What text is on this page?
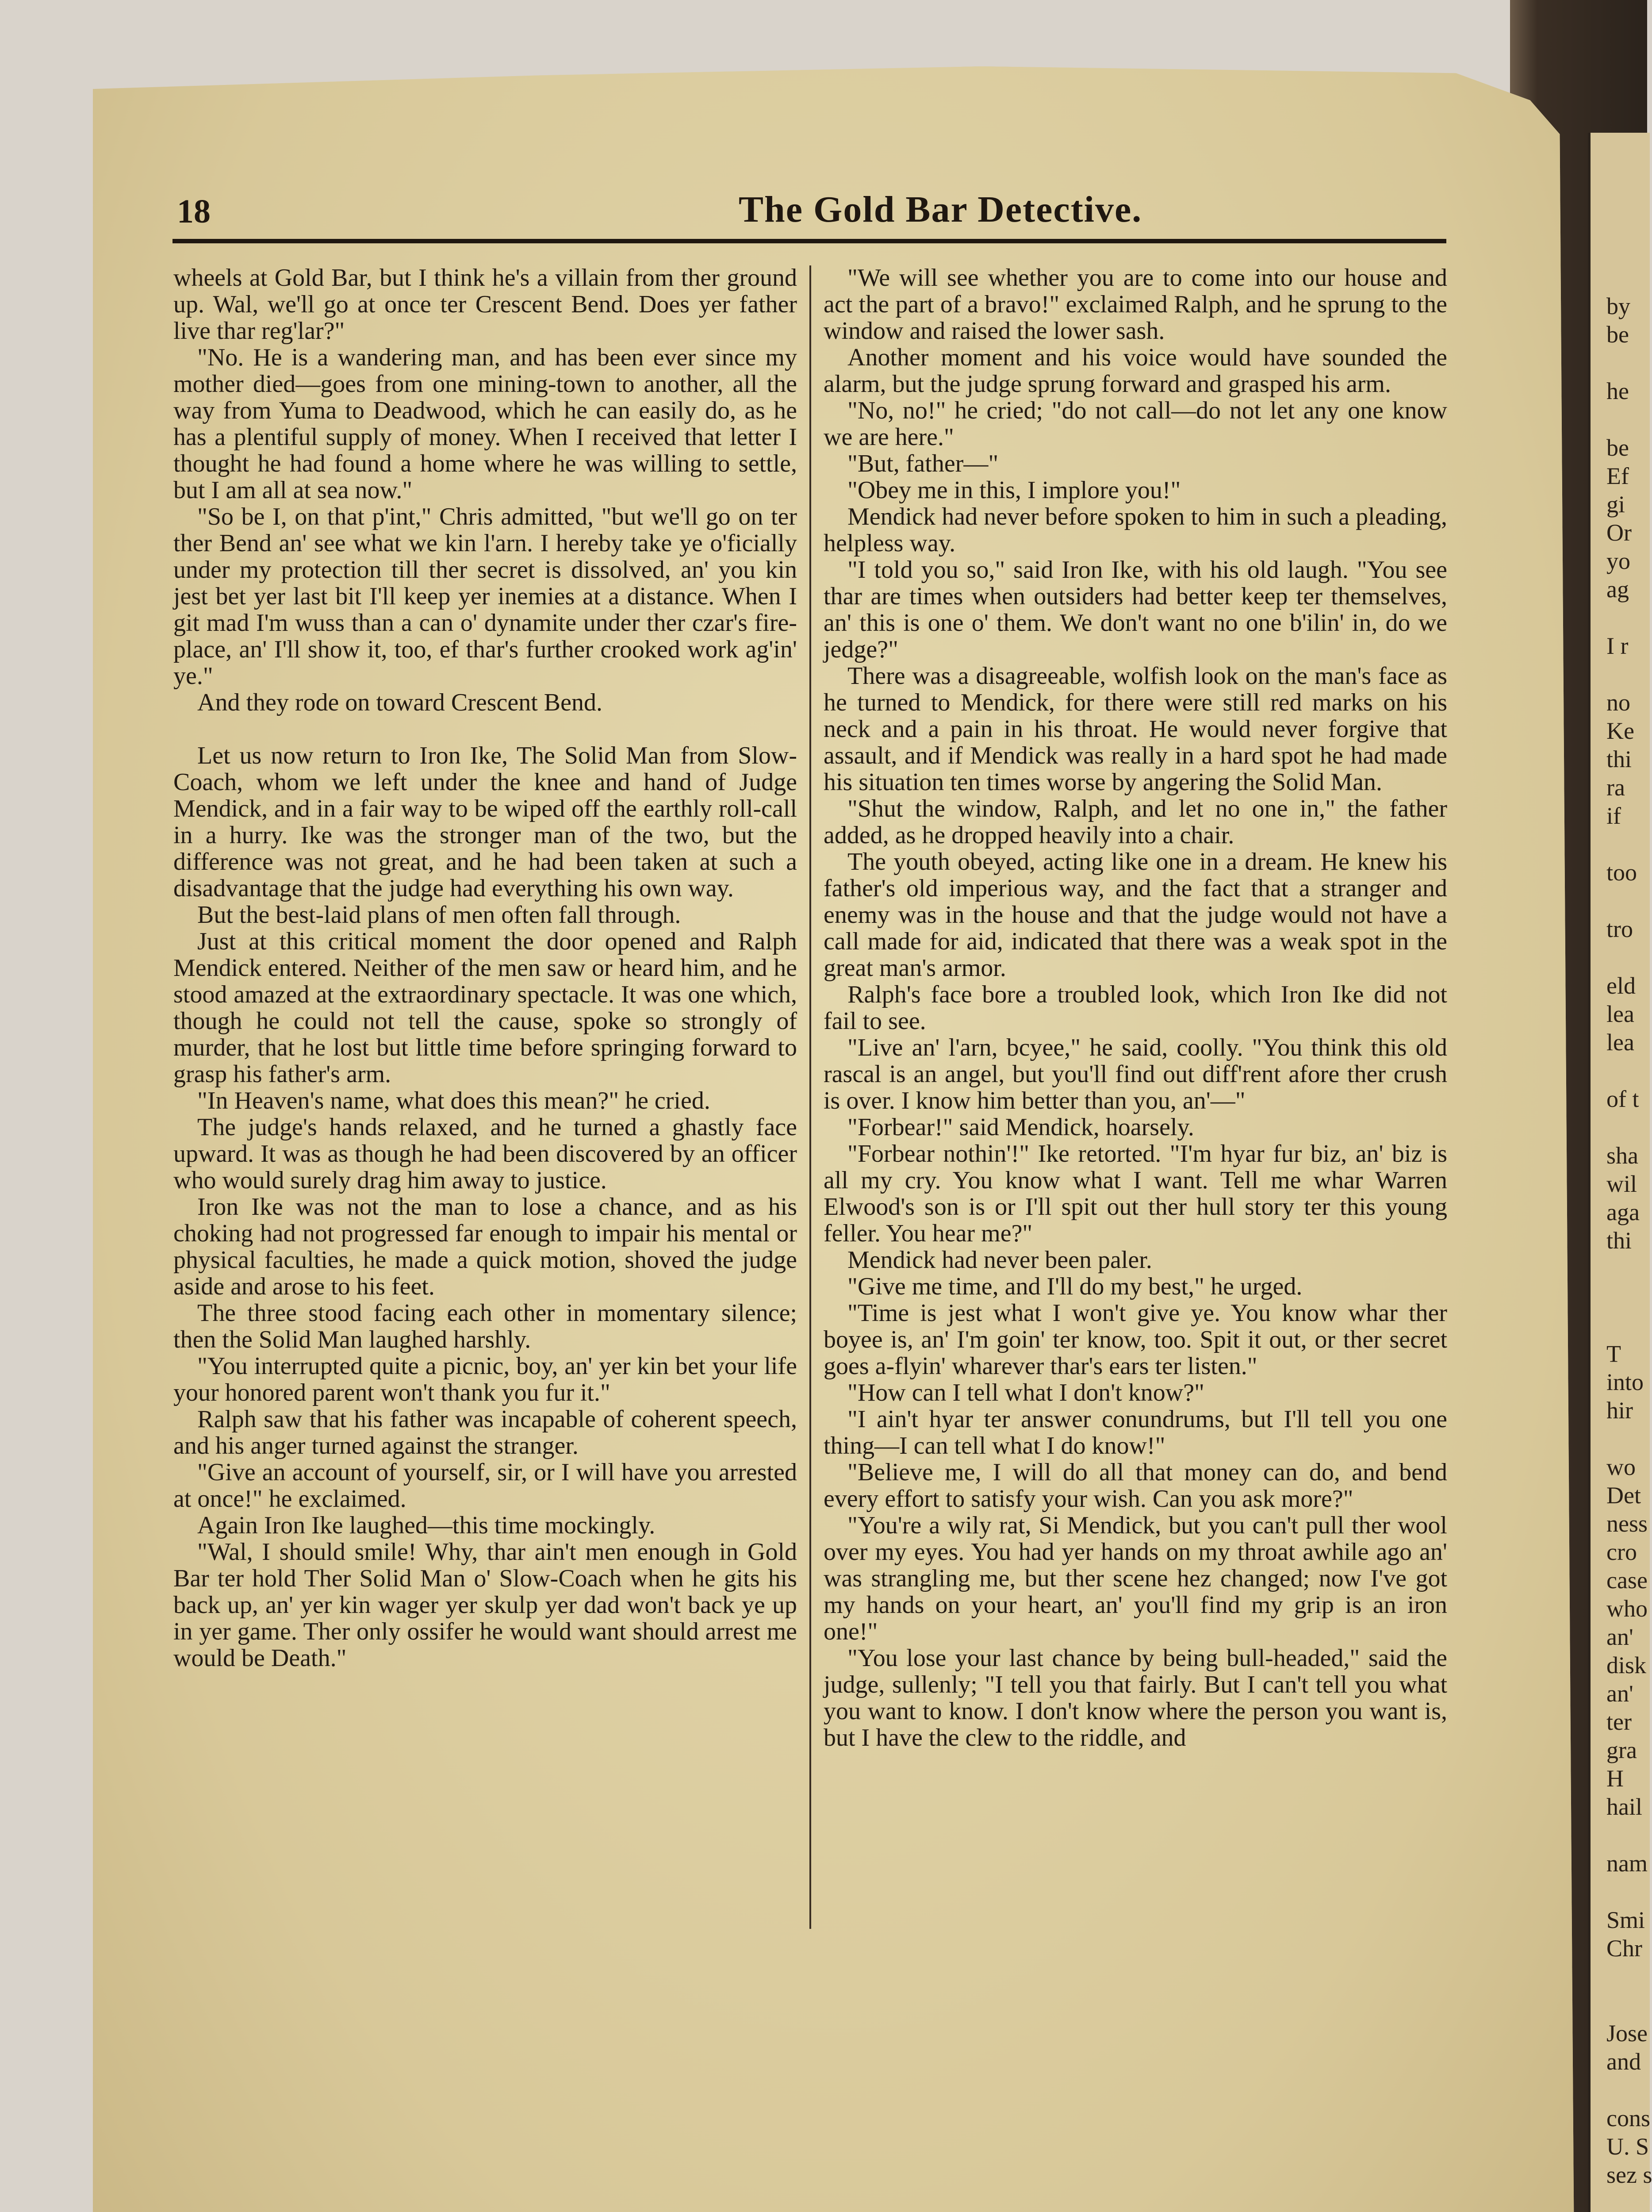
by
be

he

be
Ef
gi
Or
yo
ag

I r

no
Ke
thi
ra
if

too

tro

eld
lea
lea

of t

sha
wil
aga
thi

T
into
hir

wo
Det
ness
cro
case
who
an'
disk
an'
ter
gra
H
hail

nam

Smi
Chr

Jose
and

cons
U. S
sez s
18	The Gold Bar Detective.

wheels at Gold Bar, but I think he's a villain from ther ground up. Wal, we'll go at once ter Crescent Bend. Does yer father live thar reg'lar?"

"No. He is a wandering man, and has been ever since my mother died—goes from one mining-town to another, all the way from Yuma to Deadwood, which he can easily do, as he has a plentiful supply of money. When I received that letter I thought he had found a home where he was willing to settle, but I am all at sea now."

"So be I, on that p'int," Chris admitted, "but we'll go on ter ther Bend an' see what we kin l'arn. I hereby take ye o'ficially under my protection till ther secret is dissolved, an' you kin jest bet yer last bit I'll keep yer inemies at a distance. When I git mad I'm wuss than a can o' dynamite under ther czar's fire-place, an' I'll show it, too, ef thar's further crooked work ag'in' ye."

And they rode on toward Crescent Bend.

Let us now return to Iron Ike, The Solid Man from Slow-Coach, whom we left under the knee and hand of Judge Mendick, and in a fair way to be wiped off the earthly roll-call in a hurry. Ike was the stronger man of the two, but the difference was not great, and he had been taken at such a disadvantage that the judge had everything his own way.

But the best-laid plans of men often fall through.

Just at this critical moment the door opened and Ralph Mendick entered. Neither of the men saw or heard him, and he stood amazed at the extraordinary spectacle. It was one which, though he could not tell the cause, spoke so strongly of murder, that he lost but little time before springing forward to grasp his father's arm.

"In Heaven's name, what does this mean?" he cried.

The judge's hands relaxed, and he turned a ghastly face upward. It was as though he had been discovered by an officer who would surely drag him away to justice.

Iron Ike was not the man to lose a chance, and as his choking had not progressed far enough to impair his mental or physical faculties, he made a quick motion, shoved the judge aside and arose to his feet.

The three stood facing each other in momentary silence; then the Solid Man laughed harshly.

"You interrupted quite a picnic, boy, an' yer kin bet your life your honored parent won't thank you fur it."

Ralph saw that his father was incapable of coherent speech, and his anger turned against the stranger.

"Give an account of yourself, sir, or I will have you arrested at once!" he exclaimed.

Again Iron Ike laughed—this time mockingly.

"Wal, I should smile! Why, thar ain't men enough in Gold Bar ter hold Ther Solid Man o' Slow-Coach when he gits his back up, an' yer kin wager yer skulp yer dad won't back ye up in yer game. Ther only ossifer he would want should arrest me would be Death."

"We will see whether you are to come into our house and act the part of a bravo!" exclaimed Ralph, and he sprung to the window and raised the lower sash.

Another moment and his voice would have sounded the alarm, but the judge sprung forward and grasped his arm.

"No, no!" he cried; "do not call—do not let any one know we are here."

"But, father—"

"Obey me in this, I implore you!"

Mendick had never before spoken to him in such a pleading, helpless way.

"I told you so," said Iron Ike, with his old laugh. "You see thar are times when outsiders had better keep ter themselves, an' this is one o' them. We don't want no one b'ilin' in, do we jedge?"

There was a disagreeable, wolfish look on the man's face as he turned to Mendick, for there were still red marks on his neck and a pain in his throat. He would never forgive that assault, and if Mendick was really in a hard spot he had made his situation ten times worse by angering the Solid Man.

"Shut the window, Ralph, and let no one in," the father added, as he dropped heavily into a chair.

The youth obeyed, acting like one in a dream. He knew his father's old imperious way, and the fact that a stranger and enemy was in the house and that the judge would not have a call made for aid, indicated that there was a weak spot in the great man's armor.

Ralph's face bore a troubled look, which Iron Ike did not fail to see.

"Live an' l'arn, bcyee," he said, coolly. "You think this old rascal is an angel, but you'll find out diff'rent afore ther crush is over. I know him better than you, an'—"

"Forbear!" said Mendick, hoarsely.

"Forbear nothin'!" Ike retorted. "I'm hyar fur biz, an' biz is all my cry. You know what I want. Tell me whar Warren Elwood's son is or I'll spit out ther hull story ter this young feller. You hear me?"

Mendick had never been paler.

"Give me time, and I'll do my best," he urged.

"Time is jest what I won't give ye. You know whar ther boyee is, an' I'm goin' ter know, too. Spit it out, or ther secret goes a-flyin' wharever thar's ears ter listen."

"How can I tell what I don't know?"

"I ain't hyar ter answer conundrums, but I'll tell you one thing—I can tell what I do know!"

"Believe me, I will do all that money can do, and bend every effort to satisfy your wish. Can you ask more?"

"You're a wily rat, Si Mendick, but you can't pull ther wool over my eyes. You had yer hands on my throat awhile ago an' was strangling me, but ther scene hez changed; now I've got my hands on your heart, an' you'll find my grip is an iron one!"

"You lose your last chance by being bull-headed," said the judge, sullenly; "I tell you that fairly. But I can't tell you what you want to know. I don't know where the person you want is, but I have the clew to the riddle, and
